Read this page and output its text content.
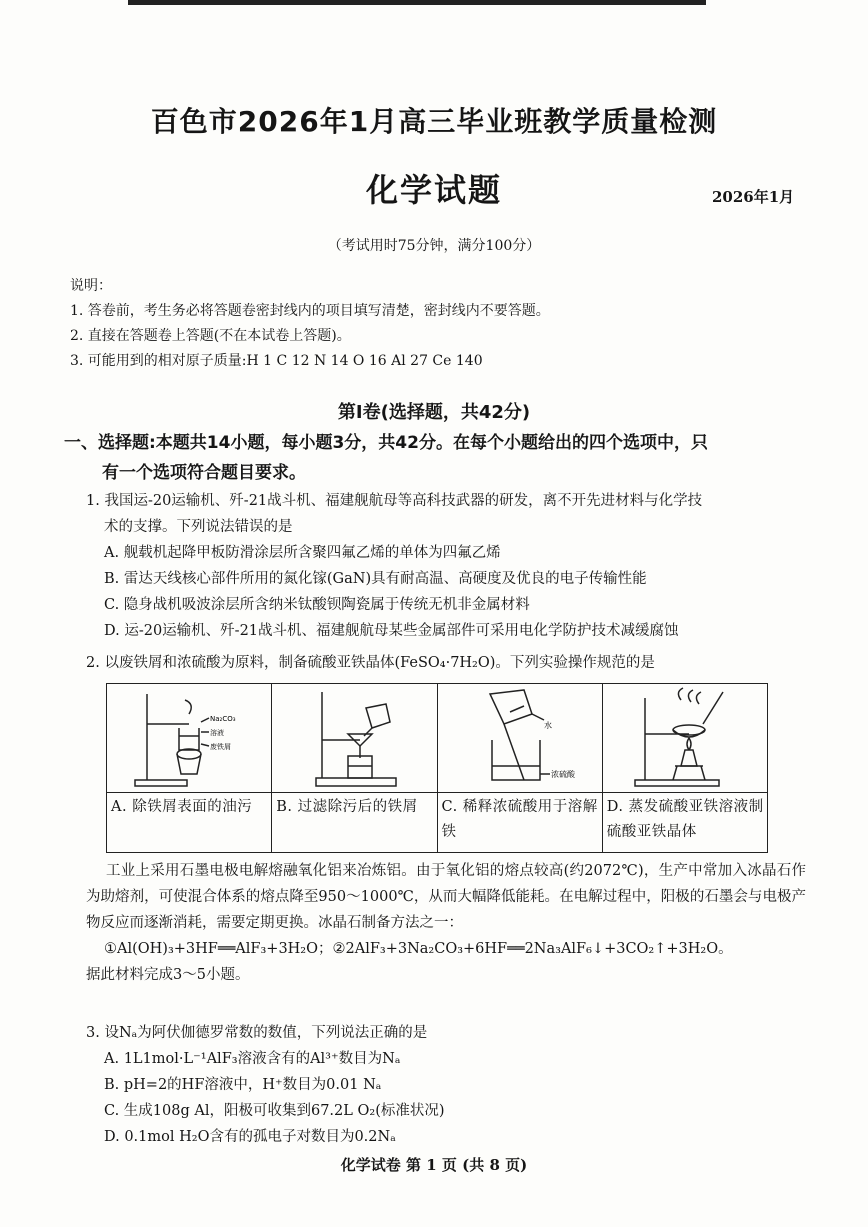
百色市2026年1月高三毕业班教学质量检测
化学试题	2026年1月
（考试用时75分钟，满分100分）
说明：
1. 答卷前，考生务必将答题卷密封线内的项目填写清楚，密封线内不要答题。
2. 直接在答题卷上答题(不在本试卷上答题)。
3. 可能用到的相对原子质量:H 1 C 12 N 14 O 16 Al 27 Ce 140
第Ⅰ卷(选择题，共42分)
一、选择题:本题共14小题，每小题3分，共42分。在每个小题给出的四个选项中，只
有一个选项符合题目要求。
1. 我国运-20运输机、歼-21战斗机、福建舰航母等高科技武器的研发，离不开先进材料与化学技
术的支撑。下列说法错误的是
A. 舰载机起降甲板防滑涂层所含聚四氟乙烯的单体为四氟乙烯
B. 雷达天线核心部件所用的氮化镓(GaN)具有耐高温、高硬度及优良的电子传输性能
C. 隐身战机吸波涂层所含纳米钛酸钡陶瓷属于传统无机非金属材料
D. 运-20运输机、歼-21战斗机、福建舰航母某些金属部件可采用电化学防护技术减缓腐蚀
2. 以废铁屑和浓硫酸为原料，制备硫酸亚铁晶体(FeSO₄·7H₂O)。下列实验操作规范的是
Na₂CO₃
溶液
废铁屑		水
浓硫酸

A. 除铁屑表面的油污	B. 过滤除污后的铁屑	C. 稀释浓硫酸用于溶解铁	D. 蒸发硫酸亚铁溶液制硫酸亚铁晶体
工业上采用石墨电极电解熔融氧化铝来冶炼铝。由于氧化铝的熔点较高(约2072℃)，生产中常加入冰晶石作为助熔剂，可使混合体系的熔点降至950～1000℃，从而大幅降低能耗。在电解过程中，阳极的石墨会与电极产物反应而逐渐消耗，需要定期更换。冰晶石制备方法之一：
①Al(OH)₃+3HF══AlF₃+3H₂O；②2AlF₃+3Na₂CO₃+6HF══2Na₃AlF₆↓+3CO₂↑+3H₂O。
据此材料完成3～5小题。
3. 设Nₐ为阿伏伽德罗常数的数值，下列说法正确的是
A. 1L1mol·L⁻¹AlF₃溶液含有的Al³⁺数目为Nₐ
B. pH=2的HF溶液中，H⁺数目为0.01 Nₐ
C. 生成108g Al，阳极可收集到67.2L O₂(标准状况)
D. 0.1mol H₂O含有的孤电子对数目为0.2Nₐ
化学试卷 第 1 页 (共 8 页)
